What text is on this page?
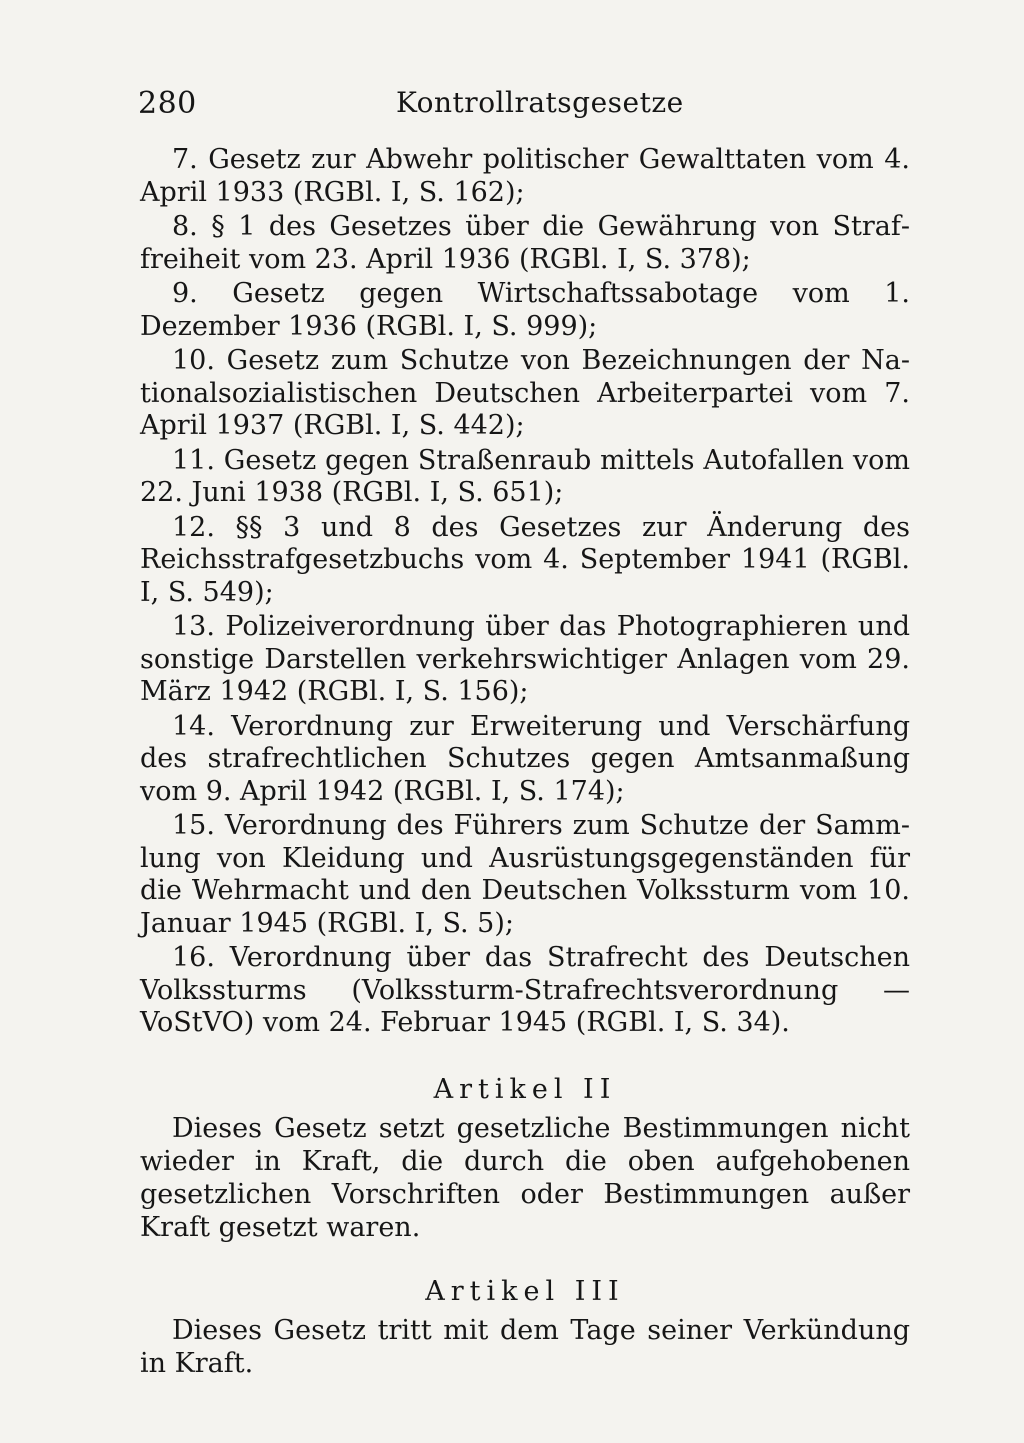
280	Kontrollratsgesetze

7. Gesetz zur Abwehr politischer Gewalttaten vom 4. April 1933 (RGBl. I, S. 162);

8. § 1 des Gesetzes über die Gewährung von Straffreiheit vom 23. April 1936 (RGBl. I, S. 378);

9. Gesetz gegen Wirtschaftssabotage vom 1. Dezember 1936 (RGBl. I, S. 999);

10. Gesetz zum Schutze von Bezeichnungen der Nationalsozialistischen Deutschen Arbeiterpartei vom 7. April 1937 (RGBl. I, S. 442);

11. Gesetz gegen Straßenraub mittels Autofallen vom 22. Juni 1938 (RGBl. I, S. 651);

12. §§ 3 und 8 des Gesetzes zur Änderung des Reichsstrafgesetzbuchs vom 4. September 1941 (RGBl. I, S. 549);

13. Polizeiverordnung über das Photographieren und sonstige Darstellen verkehrswichtiger Anlagen vom 29. März 1942 (RGBl. I, S. 156);

14. Verordnung zur Erweiterung und Verschärfung des strafrechtlichen Schutzes gegen Amtsanmaßung vom 9. April 1942 (RGBl. I, S. 174);

15. Verordnung des Führers zum Schutze der Sammlung von Kleidung und Ausrüstungsgegenständen für die Wehrmacht und den Deutschen Volkssturm vom 10. Januar 1945 (RGBl. I, S. 5);

16. Verordnung über das Strafrecht des Deutschen Volkssturms (Volkssturm-Strafrechtsverordnung — VoStVO) vom 24. Februar 1945 (RGBl. I, S. 34).

Artikel II

Dieses Gesetz setzt gesetzliche Bestimmungen nicht wieder in Kraft, die durch die oben aufgehobenen gesetzlichen Vorschriften oder Bestimmungen außer Kraft gesetzt waren.

Artikel III

Dieses Gesetz tritt mit dem Tage seiner Verkündung in Kraft.
